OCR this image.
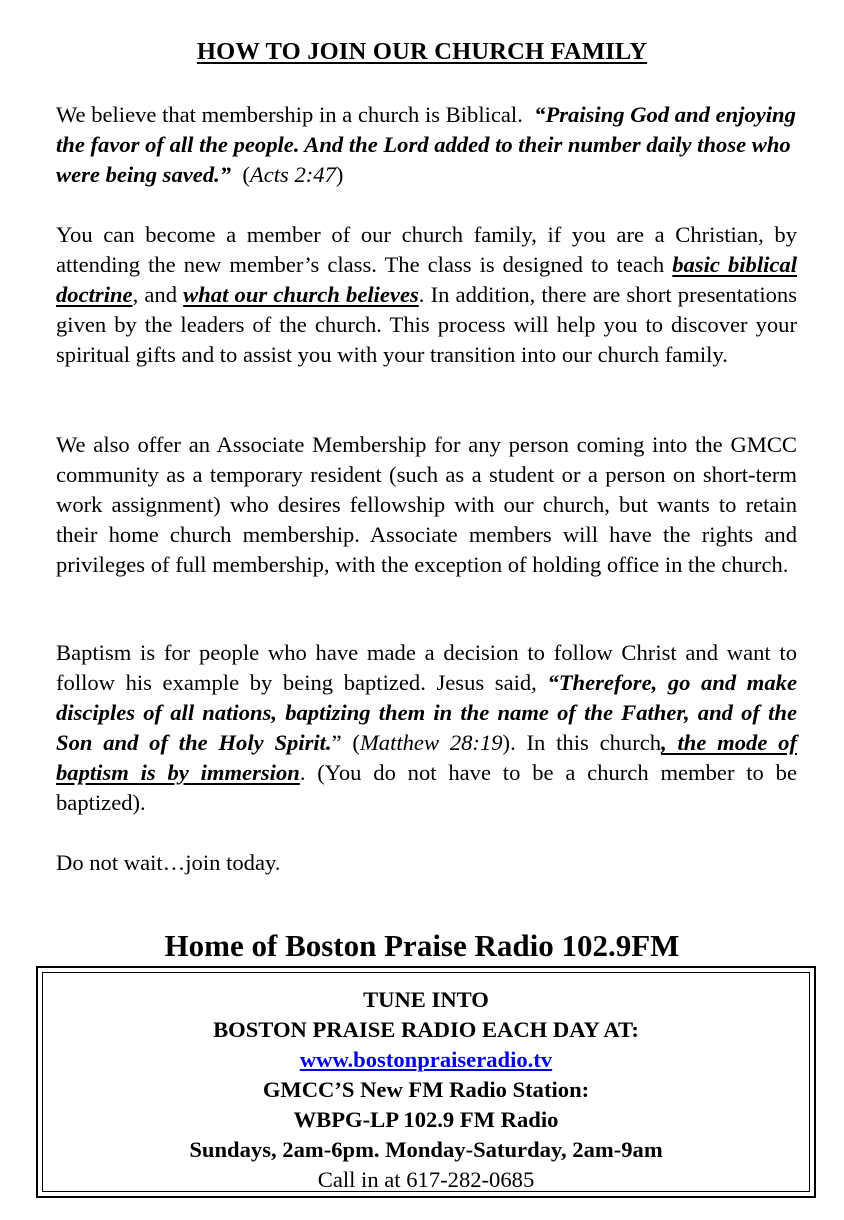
HOW TO JOIN OUR CHURCH FAMILY

We believe that membership in a church is Biblical. “Praising God and enjoying the favor of all the people. And the Lord added to their number daily those who were being saved.” (Acts 2:47)

You can become a member of our church family, if you are a Christian, by attending the new member’s class. The class is designed to teach basic biblical doctrine, and what our church believes. In addition, there are short presentations given by the leaders of the church. This process will help you to discover your spiritual gifts and to assist you with your transition into our church family.

We also offer an Associate Membership for any person coming into the GMCC community as a temporary resident (such as a student or a person on short-term work assignment) who desires fellowship with our church, but wants to retain their home church membership. Associate members will have the rights and privileges of full membership, with the exception of holding office in the church.

Baptism is for people who have made a decision to follow Christ and want to follow his example by being baptized. Jesus said, “Therefore, go and make disciples of all nations, baptizing them in the name of the Father, and of the Son and of the Holy Spirit.” (Matthew 28:19). In this church, the mode of baptism is by immersion. (You do not have to be a church member to be baptized).

Do not wait…join today.

Home of Boston Praise Radio 102.9FM
TUNE INTO
BOSTON PRAISE RADIO EACH DAY AT:
www.bostonpraiseradio.tv
GMCC’S New FM Radio Station:
WBPG-LP 102.9 FM Radio
Sundays, 2am-6pm. Monday-Saturday, 2am-9am
Call in at 617-282-0685
